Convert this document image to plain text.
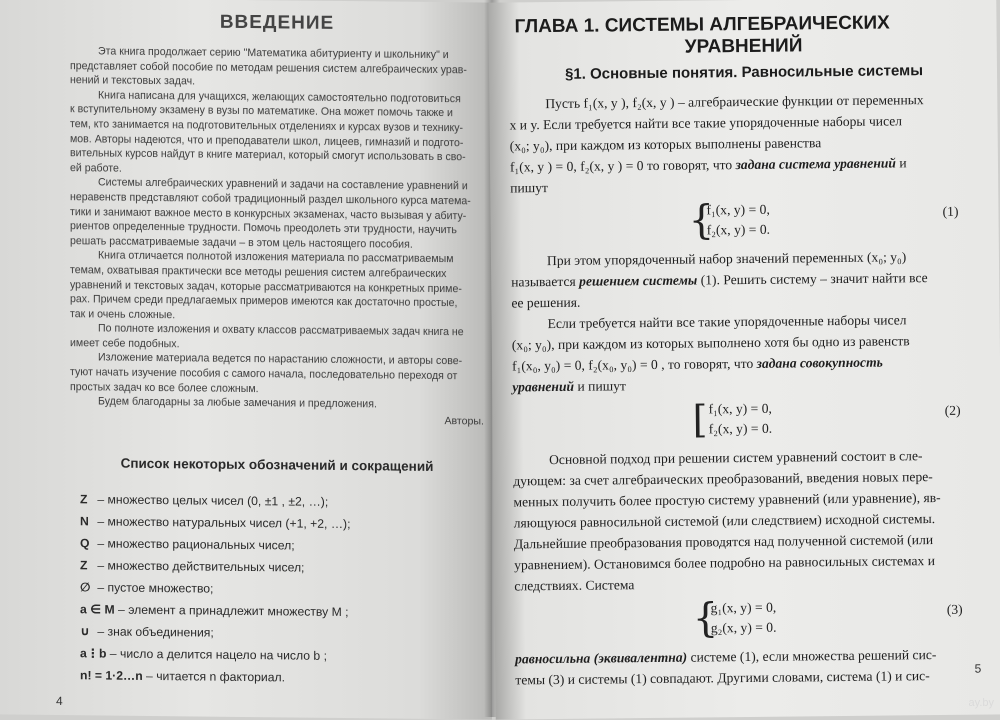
ВВЕДЕНИЕ

Эта книга продолжает серию "Математика абитуриенту и школьнику" и

представляет собой пособие по методам решения систем алгебраических урав-

нений и текстовых задач.

Книга написана для учащихся, желающих самостоятельно подготовиться

к вступительному экзамену в вузы по математике. Она может помочь также и

тем, кто занимается на подготовительных отделениях и курсах вузов и технику-

мов. Авторы надеются, что и преподаватели школ, лицеев, гимназий и подгото-

вительных курсов найдут в книге материал, который смогут использовать в сво-

ей работе.

Системы алгебраических уравнений и задачи на составление уравнений и

неравенств представляют собой традиционный раздел школьного курса матема-

тики и занимают важное место в конкурсных экзаменах, часто вызывая у абиту-

риентов определенные трудности. Помочь преодолеть эти трудности, научить

решать рассматриваемые задачи – в этом цель настоящего пособия.

Книга отличается полнотой изложения материала по рассматриваемым

темам, охватывая практически все методы решения систем алгебраических

уравнений и текстовых задач, которые рассматриваются на конкретных приме-

рах. Причем среди предлагаемых примеров имеются как достаточно простые,

так и очень сложные.

По полноте изложения и охвату классов рассматриваемых задач книга не

имеет себе подобных.

Изложение материала ведется по нарастанию сложности, и авторы сове-

туют начать изучение пособия с самого начала, последовательно переходя от

простых задач ко все более сложным.

Будем благодарны за любые замечания и предложения.

Авторы.
Список некоторых обозначений и сокращений
Z – множество целых чисел (0, ±1 , ±2, …);
N – множество натуральных чисел (+1, +2, …);
Q – множество рациональных чисел;
Z – множество действительных чисел;
∅ – пустое множество;
a ∈ M – элемент a принадлежит множеству M ;
∪ – знак объединения;
a⋮b – число a делится нацело на число b ;
n! = 1·2…n – читается n факториал.
4
ГЛАВА 1. СИСТЕМЫ АЛГЕБРАИЧЕСКИХ
УРАВНЕНИЙ
§1. Основные понятия. Равносильные системы

Пусть f₁(x, y ), f₂(x, y ) – алгебраические функции от переменных

x и y. Если требуется найти все такие упорядоченные наборы чисел

(x₀; y₀), при каждом из которых выполнены равенства

f₁(x, y ) = 0, f₂(x, y ) = 0 то говорят, что задана система уравнений и

пишут

{
f₁(x, y) = 0,
f₂(x, y) = 0.
(1)

При этом упорядоченный набор значений переменных (x₀; y₀)

называется решением системы (1). Решить систему – значит найти все

ее решения.

Если требуется найти все такие упорядоченные наборы чисел

(x₀; y₀), при каждом из которых выполнено хотя бы одно из равенств

f₁(x₀, y₀) = 0, f₂(x₀, y₀) = 0 , то говорят, что задана совокупность

уравнений и пишут

[ f₁(x, y) = 0,
f₂(x, y) = 0.
(2)

Основной подход при решении систем уравнений состоит в сле-

дующем: за счет алгебраических преобразований, введения новых пере-

менных получить более простую систему уравнений (или уравнение), яв-

ляющуюся равносильной системой (или следствием) исходной системы.

Дальнейшие преобразования проводятся над полученной системой (или

уравнением). Остановимся более подробно на равносильных системах и

следствиях. Система

{
g₁(x, y) = 0,
g₂(x, y) = 0.
(3)

равносильна (эквивалентна) системе (1), если множества решений сис-

темы (3) и системы (1) совпадают. Другими словами, система (1) и сис-	5
ay.by
